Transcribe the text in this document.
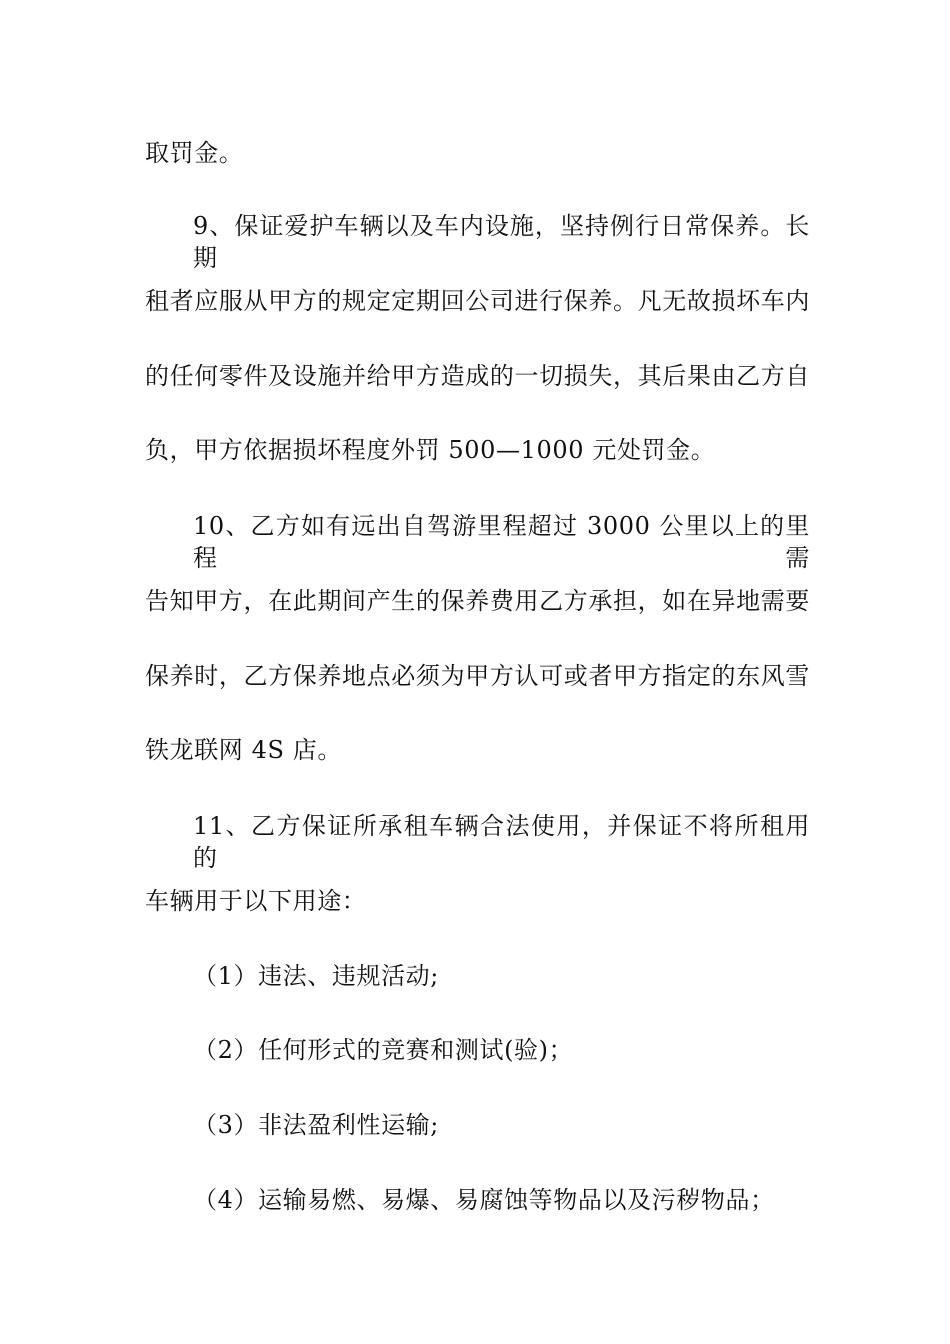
取罚金。
9、保证爱护车辆以及车内设施，坚持例行日常保养。长期
租者应服从甲方的规定定期回公司进行保养。凡无故损坏车内
的任何零件及设施并给甲方造成的一切损失，其后果由乙方自
负，甲方依据损坏程度外罚 500—1000 元处罚金。
10、乙方如有远出自驾游里程超过 3000 公里以上的里程需
告知甲方，在此期间产生的保养费用乙方承担，如在异地需要
保养时，乙方保养地点必须为甲方认可或者甲方指定的东风雪
铁龙联网 4S 店。
11、乙方保证所承租车辆合法使用，并保证不将所租用的
车辆用于以下用途：
（1）违法、违规活动;
（2）任何形式的竞赛和测试(验)；
（3）非法盈利性运输;
（4）运输易燃、易爆、易腐蚀等物品以及污秽物品；
